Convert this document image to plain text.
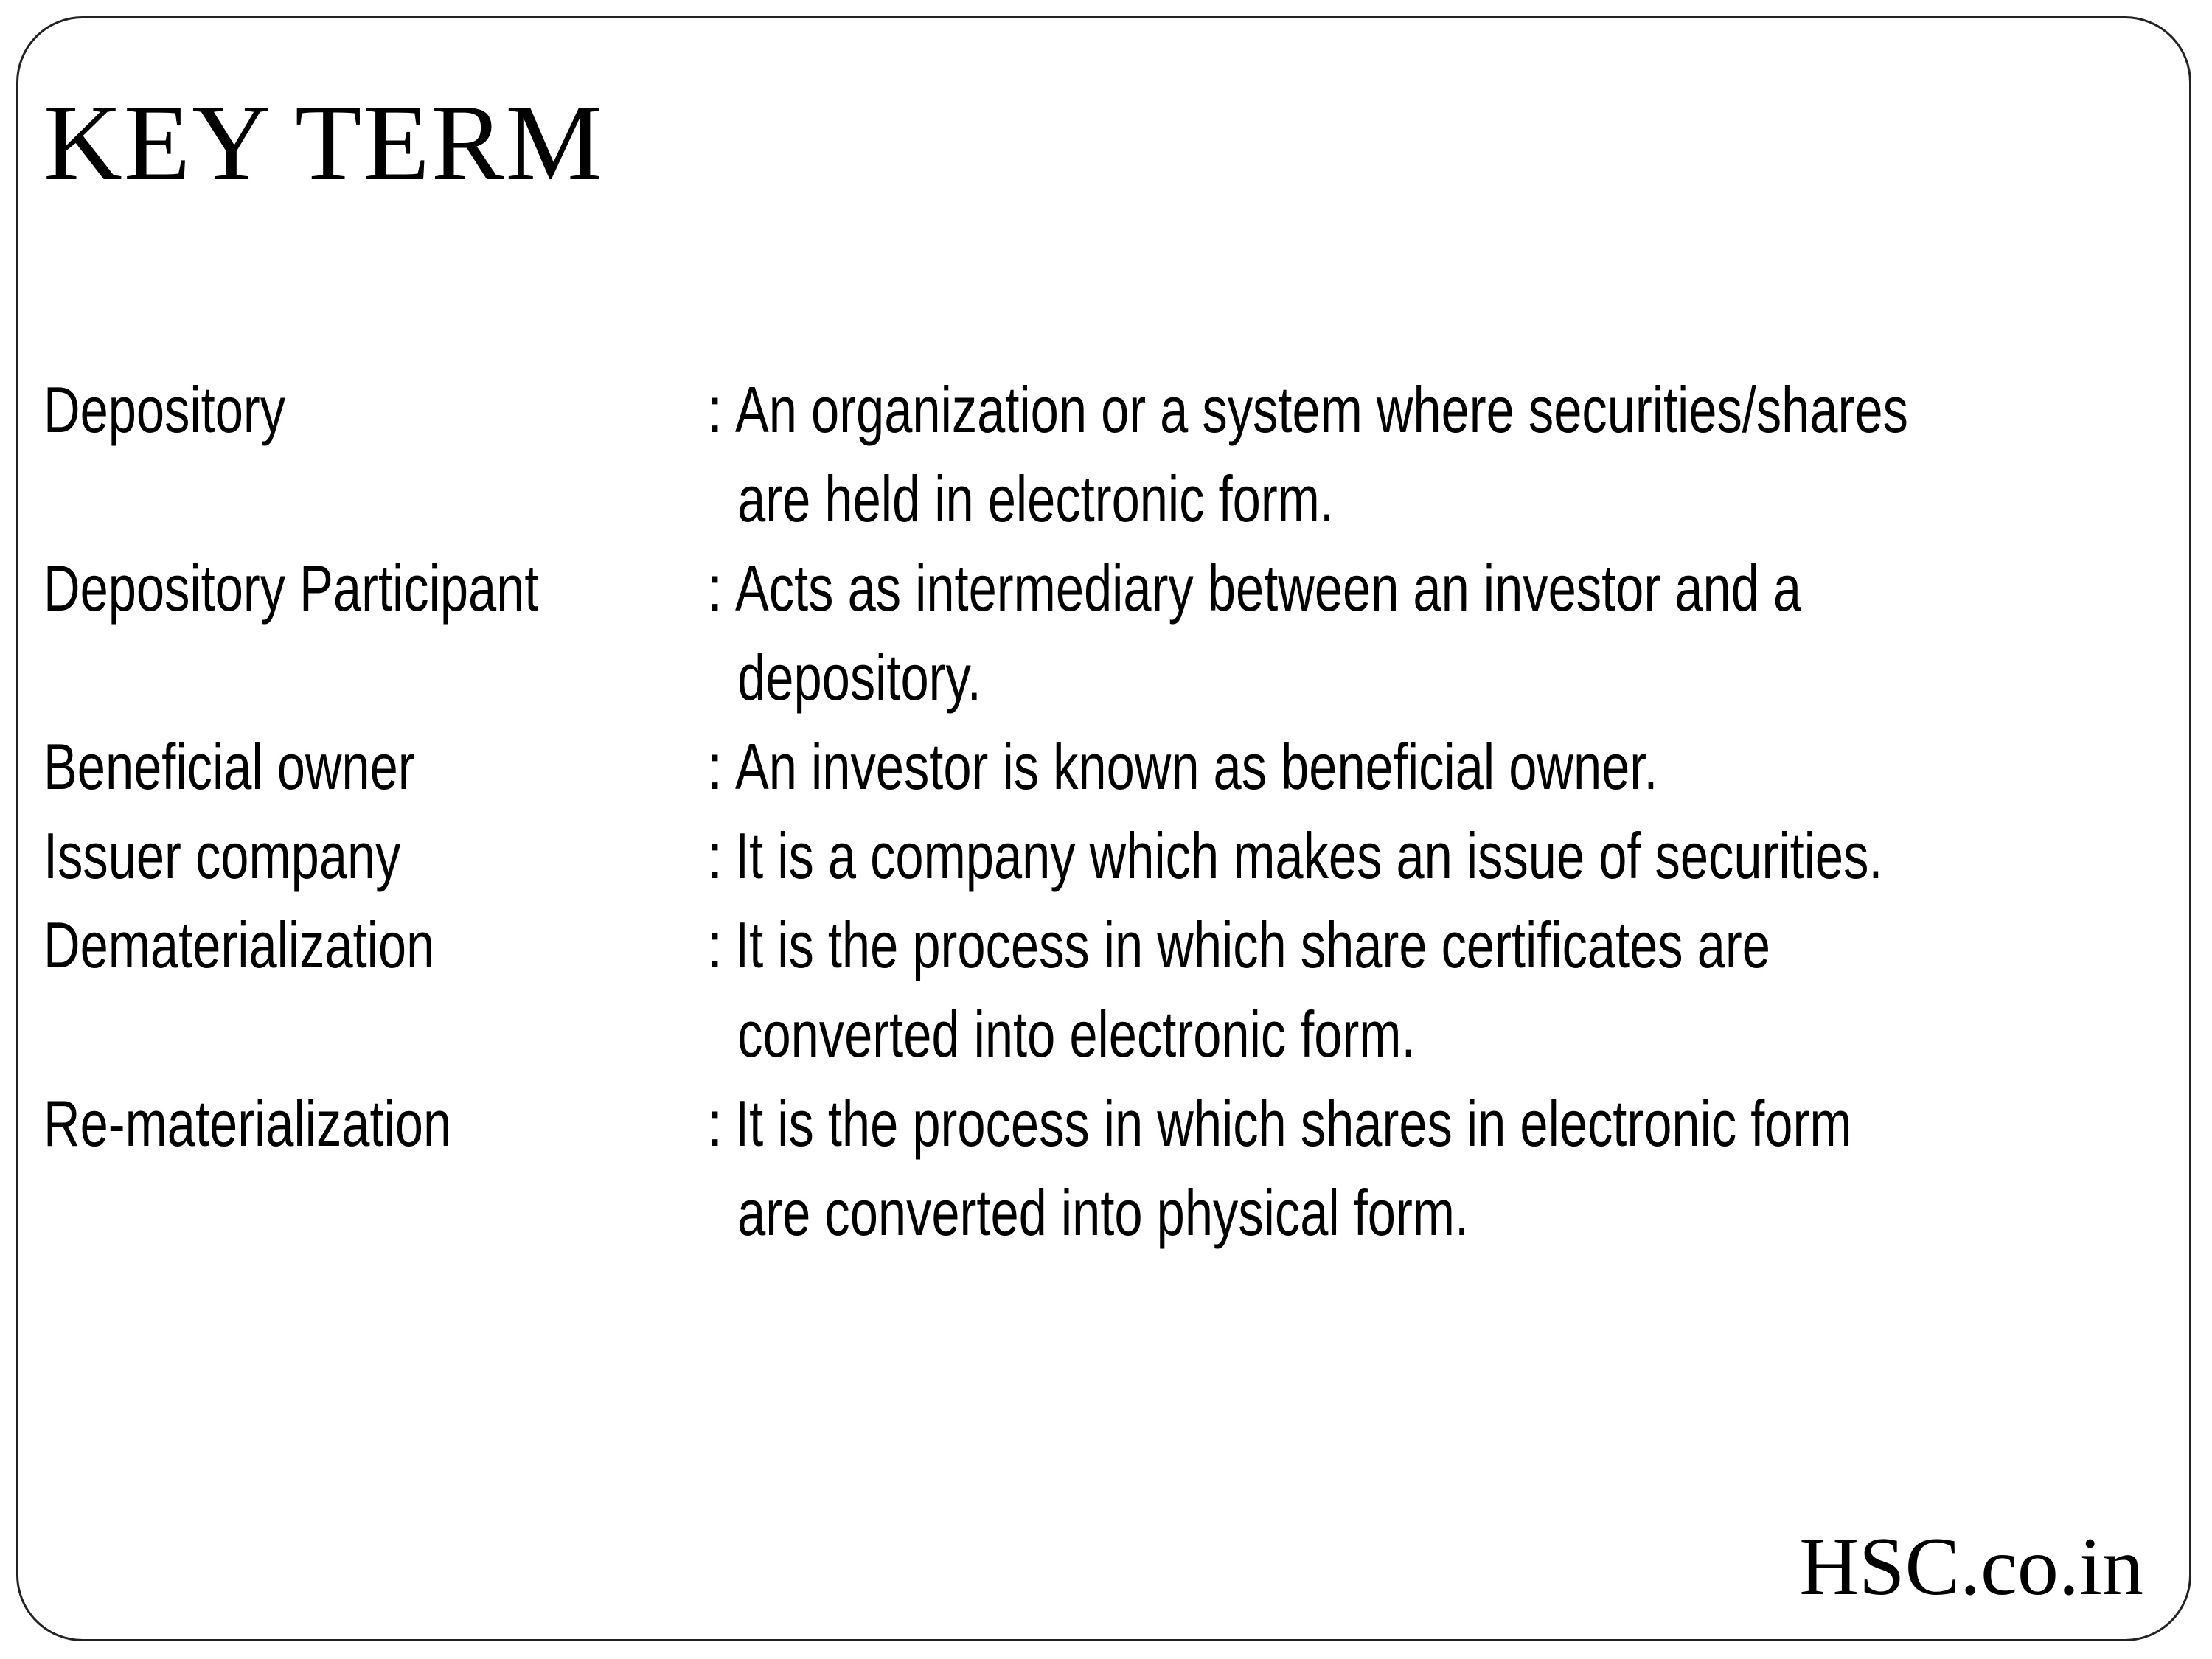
KEY TERM
Depository	: An organization or a system where securities/shares
are held in electronic form.
Depository Participant	: Acts as intermediary between an investor and a
depository.
Beneficial owner	: An investor is known as beneficial owner.
Issuer company	: It is a company which makes an issue of securities.
Dematerialization	: It is the process in which share certificates are
converted into electronic form.
Re-materialization	: It is the process in which shares in electronic form
are converted into physical form.
HSC.co.in
